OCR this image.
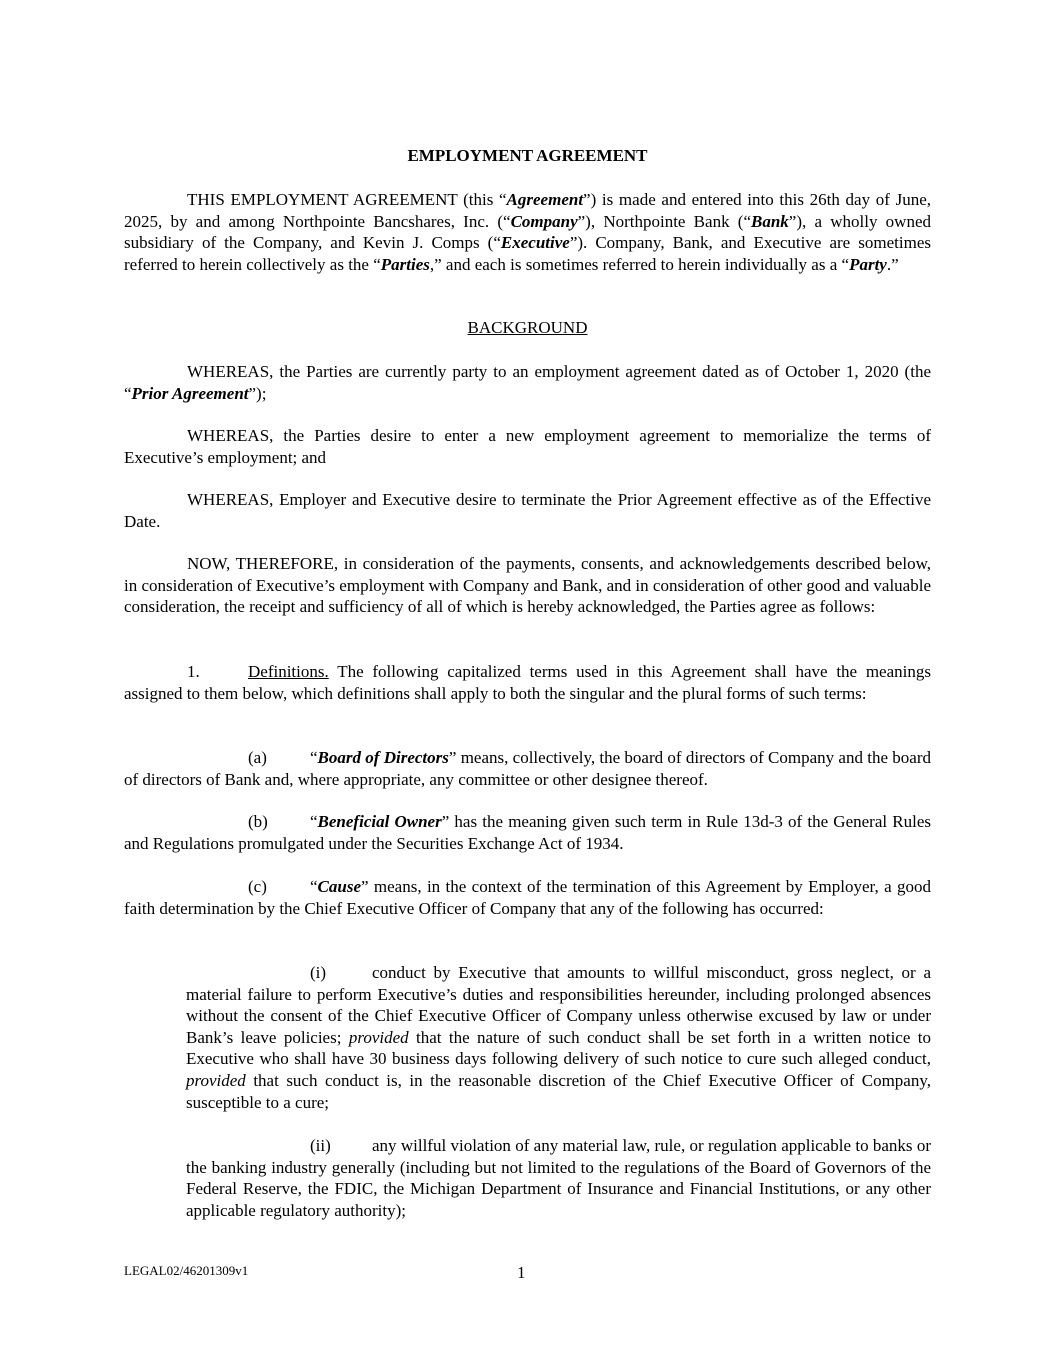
EMPLOYMENT AGREEMENT

THIS EMPLOYMENT AGREEMENT (this “Agreement”) is made and entered into this 26th day of June, 2025, by and among Northpointe Bancshares, Inc. (“Company”), Northpointe Bank (“Bank”), a wholly owned subsidiary of the Company, and Kevin J. Comps (“Executive”). Company, Bank, and Executive are sometimes referred to herein collectively as the “Parties,” and each is sometimes referred to herein individually as a “Party.”

BACKGROUND

WHEREAS, the Parties are currently party to an employment agreement dated as of October 1, 2020 (the “Prior Agreement”);

WHEREAS, the Parties desire to enter a new employment agreement to memorialize the terms of Executive’s employment; and

WHEREAS, Employer and Executive desire to terminate the Prior Agreement effective as of the Effective Date.

NOW, THEREFORE, in consideration of the payments, consents, and acknowledgements described below, in consideration of Executive’s employment with Company and Bank, and in consideration of other good and valuable consideration, the receipt and sufficiency of all of which is hereby acknowledged, the Parties agree as follows:

1.	Definitions. The following capitalized terms used in this Agreement shall have the meanings assigned to them below, which definitions shall apply to both the singular and the plural forms of such terms:

(a)	“Board of Directors” means, collectively, the board of directors of Company and the board of directors of Bank and, where appropriate, any committee or other designee thereof.

(b) “Beneficial Owner” has the meaning given such term in Rule 13d-3 of the General Rules and Regulations promulgated under the Securities Exchange Act of 1934.

(c)	“Cause” means, in the context of the termination of this Agreement by Employer, a good faith determination by the Chief Executive Officer of Company that any of the following has occurred:

(i)	conduct by Executive that amounts to willful misconduct, gross neglect, or a material failure to perform Executive’s duties and responsibilities hereunder, including prolonged absences without the consent of the Chief Executive Officer of Company unless otherwise excused by law or under Bank’s leave policies; provided that the nature of such conduct shall be set forth in a written notice to Executive who shall have 30 business days following delivery of such notice to cure such alleged conduct, provided that such conduct is, in the reasonable discretion of the Chief Executive Officer of Company, susceptible to a cure;

(ii) any willful violation of any material law, rule, or regulation applicable to banks or the banking industry generally (including but not limited to the regulations of the Board of Governors of the Federal Reserve, the FDIC, the Michigan Department of Insurance and Financial Institutions, or any other applicable regulatory authority);

LEGAL02/46201309v1	1
